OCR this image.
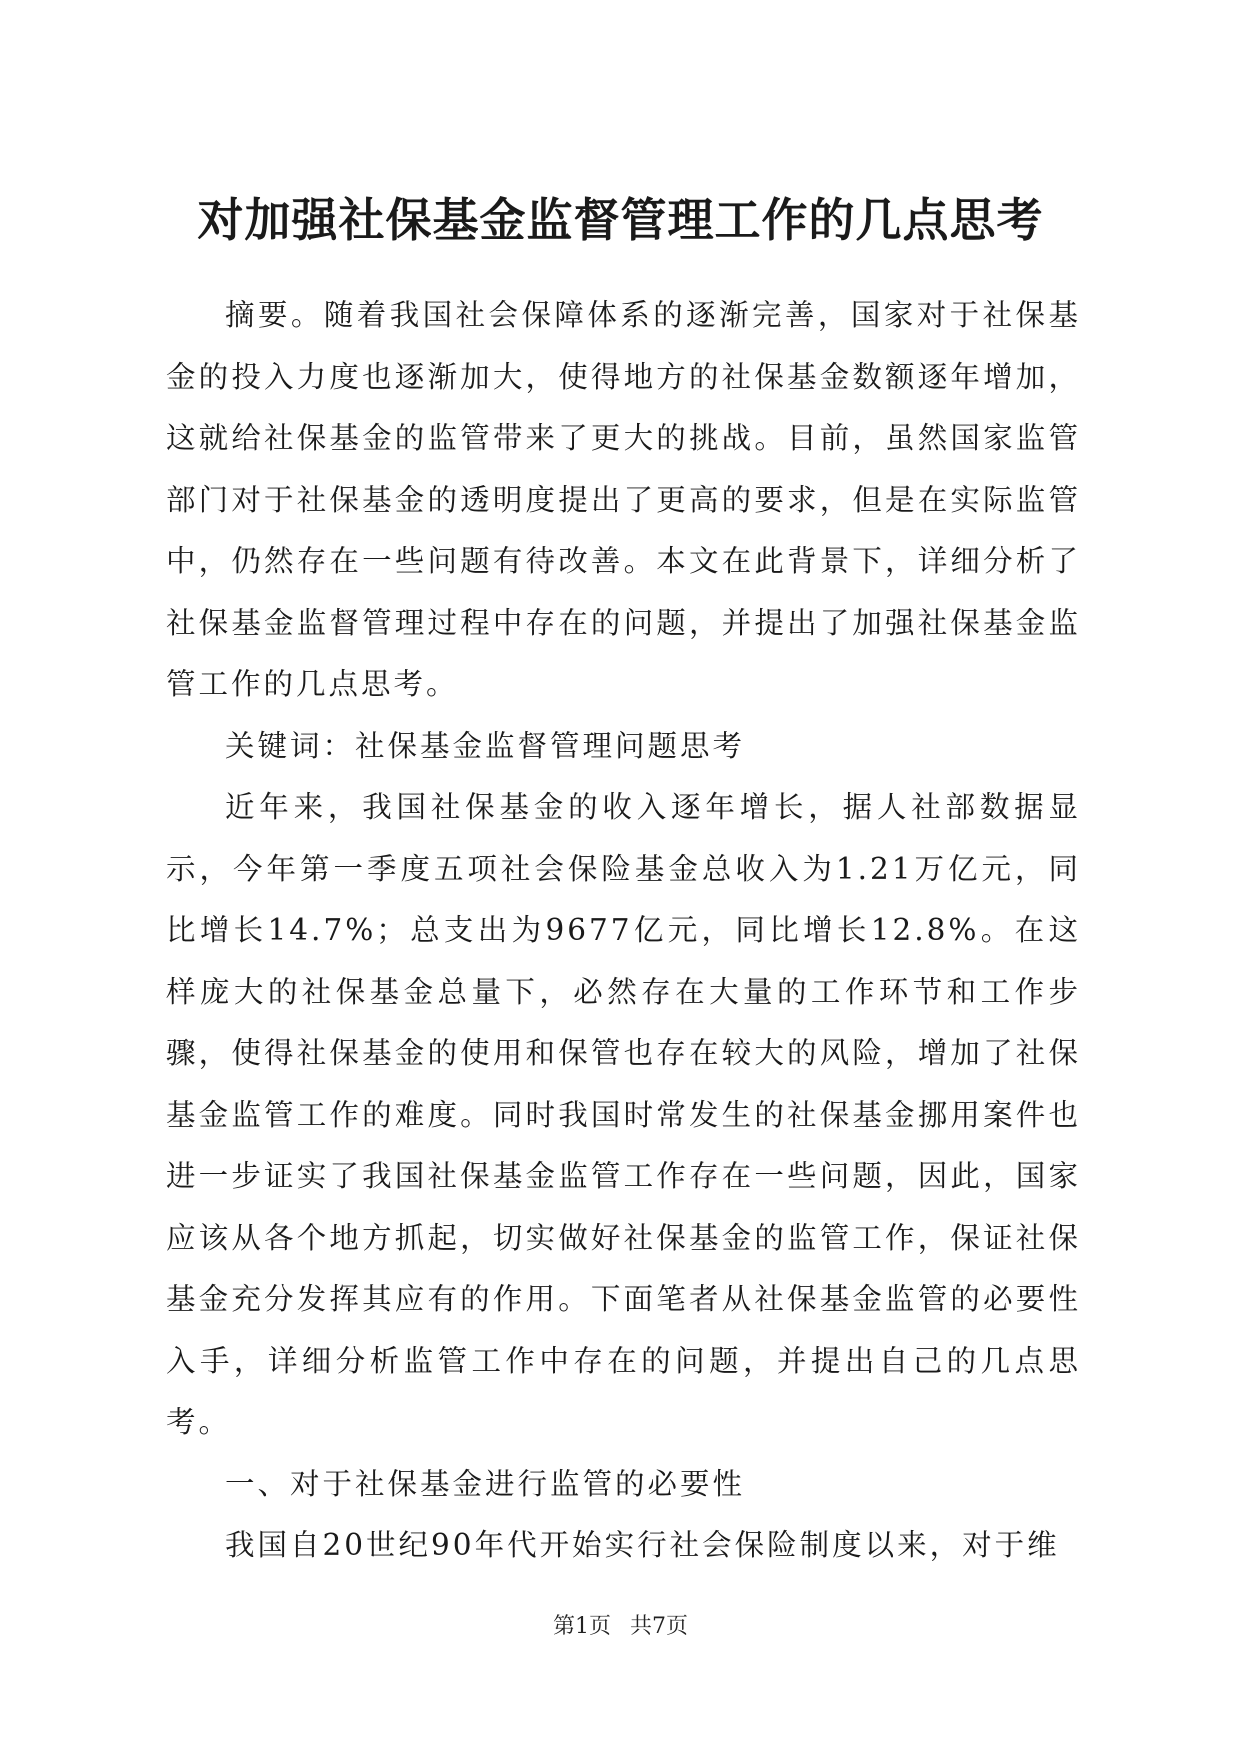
对加强社保基金监督管理工作的几点思考

摘要。随着我国社会保障体系的逐渐完善，国家对于社保基金的投入力度也逐渐加大，使得地方的社保基金数额逐年增加，这就给社保基金的监管带来了更大的挑战。目前，虽然国家监管部门对于社保基金的透明度提出了更高的要求，但是在实际监管中，仍然存在一些问题有待改善。本文在此背景下，详细分析了社保基金监督管理过程中存在的问题，并提出了加强社保基金监管工作的几点思考。

关键词：社保基金监督管理问题思考

近年来，我国社保基金的收入逐年增长，据人社部数据显示，今年第一季度五项社会保险基金总收入为1.21万亿元，同比增长14.7%；总支出为9677亿元，同比增长12.8%。在这样庞大的社保基金总量下，必然存在大量的工作环节和工作步骤，使得社保基金的使用和保管也存在较大的风险，增加了社保基金监管工作的难度。同时我国时常发生的社保基金挪用案件也进一步证实了我国社保基金监管工作存在一些问题，因此，国家应该从各个地方抓起，切实做好社保基金的监管工作，保证社保基金充分发挥其应有的作用。下面笔者从社保基金监管的必要性入手，详细分析监管工作中存在的问题，并提出自己的几点思考。

一、对于社保基金进行监管的必要性

我国自20世纪90年代开始实行社会保险制度以来，对于维

第1页 共7页
